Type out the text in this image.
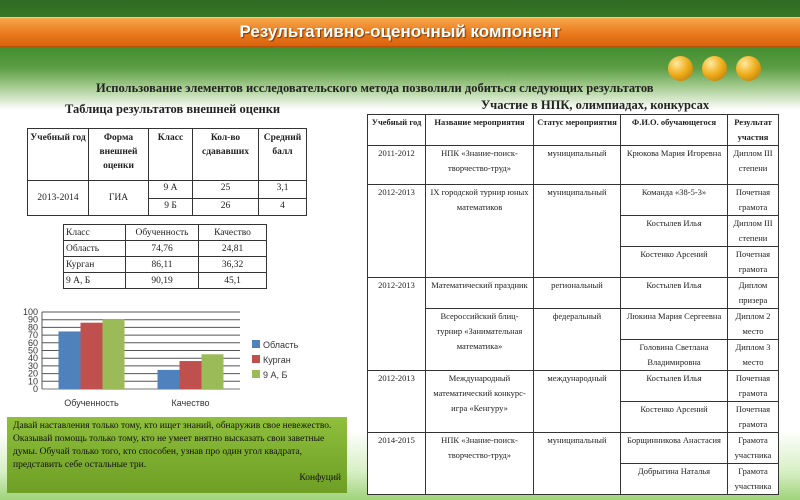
Результативно-оценочный компонент
Использование элементов исследовательского метода позволили добиться следующих результатов
Таблица результатов внешней оценки	Участие в НПК, олимпиадах, конкурсах
Учебный год	Форма внешней оценки	Класс	Кол-во сдававших	Средний балл
2013-2014	ГИА	9 А	25	3,1
		9 Б	26	4
Класс	Обученность	Качество
Область	74,76	24,81
Курган	86,11	36,32
9 А, Б	90,19	45,1
0
10
20
30
40
50
60
70
80
90
100
Обученность	Качество
Область
Курган
9 А, Б
Давай наставления только тому, кто ищет знаний, обнаружив свое невежество. Оказывай помощь только тому, кто не умеет внятно высказать свои заветные думы. Обучай только того, кто способен, узнав про один угол квадрата, представить себе остальные три.
Конфуций
Учебный год	Название мероприятия	Статус мероприятия	Ф.И.О. обучающегося	Результат участия
2011-2012	НПК «Знание-поиск-творчество-труд»	муниципальный	Крюкова Мария Игоревна	Диплом III степени
2012-2013	IX городской турнир юных математиков	муниципальный	Команда «38-5-3»	Почетная грамота
			Костылев Илья	Диплом III степени
			Костенко Арсений	Почетная грамота
2012-2013	Математический праздник	региональный	Костылев Илья	Диплом призера
	Всероссийский блиц-турнир «Занимательная математика»	федеральный	Люкина Мария Сергеевна	Диплом 2 место
			Головина Светлана Владимировна	Диплом 3 место
2012-2013	Международный математический конкурс-игра «Кенгуру»	международный	Костылев Илья	Почетная грамота
			Костенко Арсений	Почетная грамота
2014-2015	НПК «Знание-поиск-творчество-труд»	муниципальный	Борщинникова Анастасия	Грамота участника
			Добрыгина Наталья	Грамота участника
